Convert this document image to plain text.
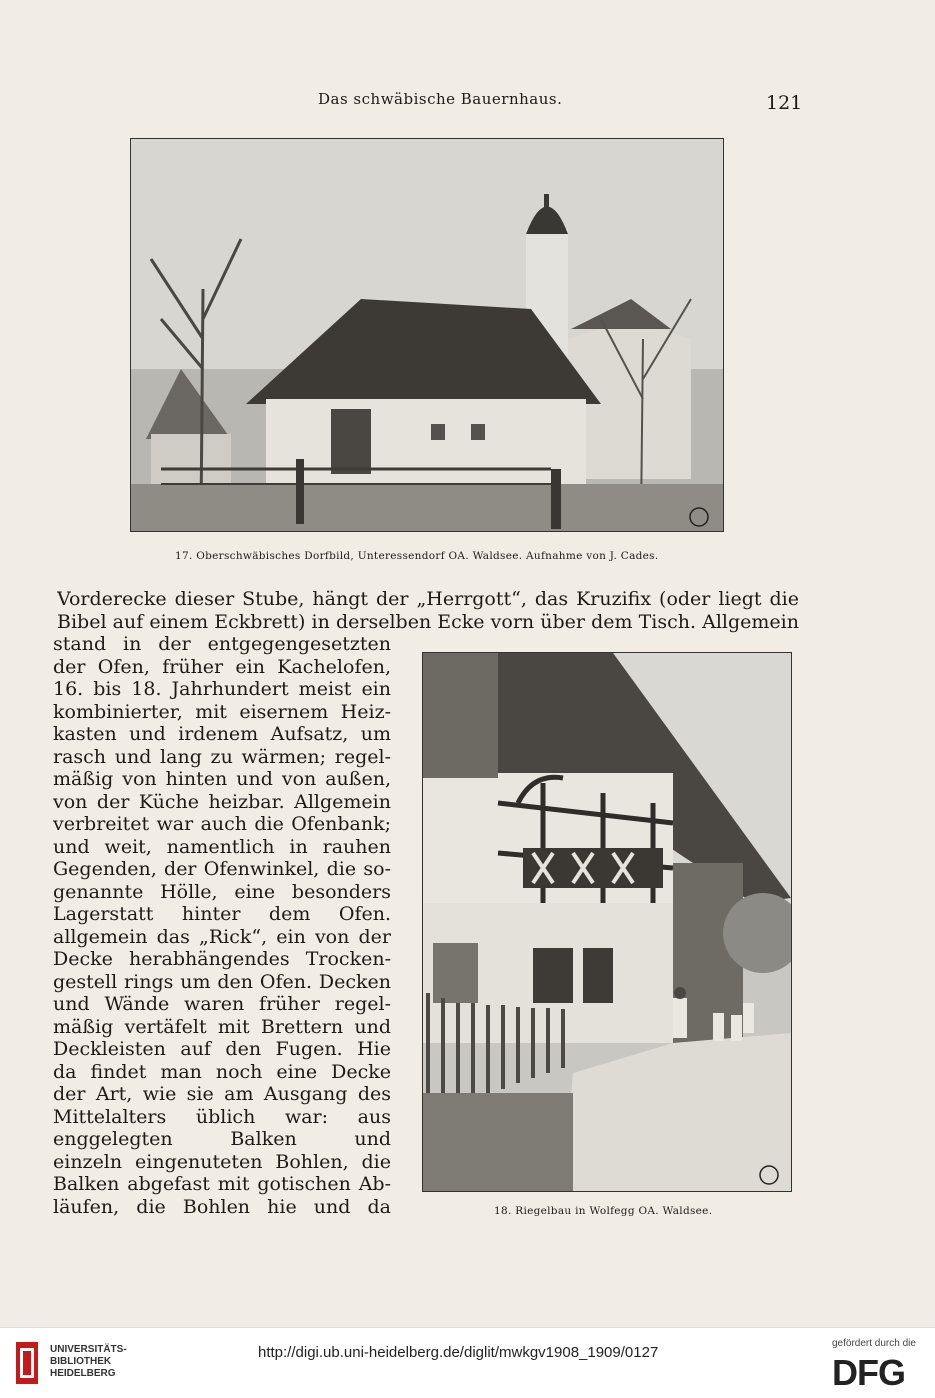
Das schwäbische Bauernhaus.	121
17. Oberschwäbisches Dorfbild, Unteressendorf OA. Waldsee. Aufnahme von J. Cades.
Vorderecke dieser Stube, hängt der „Herrgott“, das Kruzifix (oder liegt die
Bibel auf einem Eckbrett) in derselben Ecke vorn über dem Tisch. Allgemein
stand in der entgegengesetzten
der Ofen, früher ein Kachelofen,
16. bis 18. Jahrhundert meist ein
kombinierter, mit eisernem Heiz-
kasten und irdenem Aufsatz, um
rasch und lang zu wärmen; regel-
mäßig von hinten und von außen,
von der Küche heizbar. Allgemein
verbreitet war auch die Ofenbank;
und weit, namentlich in rauhen
Gegenden, der Ofenwinkel, die so-
genannte Hölle, eine besonders
Lagerstatt hinter dem Ofen.
allgemein das „Rick“, ein von der
Decke herabhängendes Trocken-
gestell rings um den Ofen. Decken
und Wände waren früher regel-
mäßig vertäfelt mit Brettern und
Deckleisten auf den Fugen. Hie
da findet man noch eine Decke
der Art, wie sie am Ausgang des
Mittelalters üblich war: aus
enggelegten Balken und
einzeln eingenuteten Bohlen, die
Balken abgefast mit gotischen Ab-
läufen, die Bohlen hie und da	18. Riegelbau in Wolfegg OA. Waldsee.
UNIVERSITÄTS-
BIBLIOTHEK
HEIDELBERG
http://digi.ub.uni-heidelberg.de/diglit/mwkgv1908_1909/0127
gefördert durch die
DFG
